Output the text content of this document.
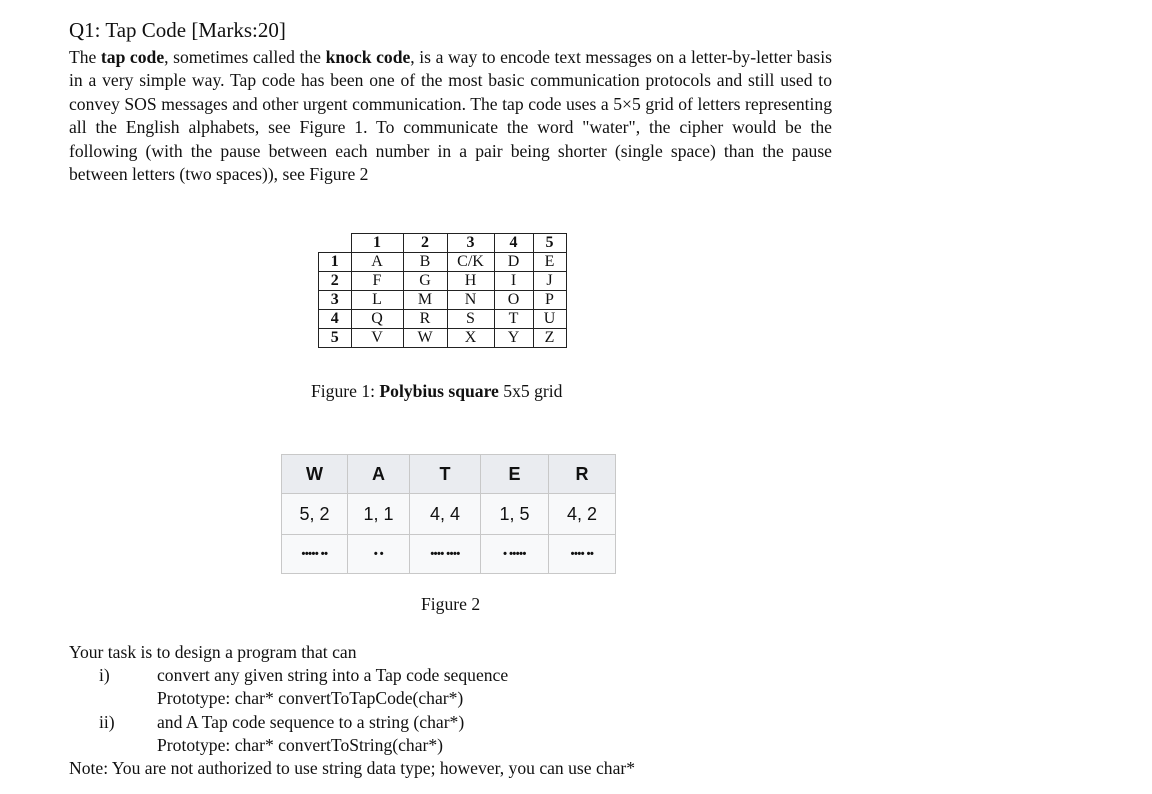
Q1: Tap Code [Marks:20]
The tap code, sometimes called the knock code, is a way to encode text messages on a letter-by-letter basis in a very simple way. Tap code has been one of the most basic communication protocols and still used to convey SOS messages and other urgent communication. The tap code uses a 5×5 grid of letters representing all the English alphabets, see Figure 1. To communicate the word "water", the cipher would be the following (with the pause between each number in a pair being shorter (single space) than the pause between letters (two spaces)), see Figure 2
	1	2	3	4	5
1	A	B	C/K	D	E
2	F	G	H	I	J
3	L	M	N	O	P
4	Q	R	S	T	U
5	V	W	X	Y	Z
Figure 1: Polybius square 5x5 grid
W	A	T	E	R
5, 2	1, 1	4, 4	1, 5	4, 2
••••• ••	• •	•••• ••••	• •••••	•••• ••
Figure 2
Your task is to design a program that can
i)	convert any given string into a Tap code sequence
Prototype: char* convertToTapCode(char*)
ii) and A Tap code sequence to a string (char*)
Prototype: char* convertToString(char*)
Note: You are not authorized to use string data type; however, you can use char*
